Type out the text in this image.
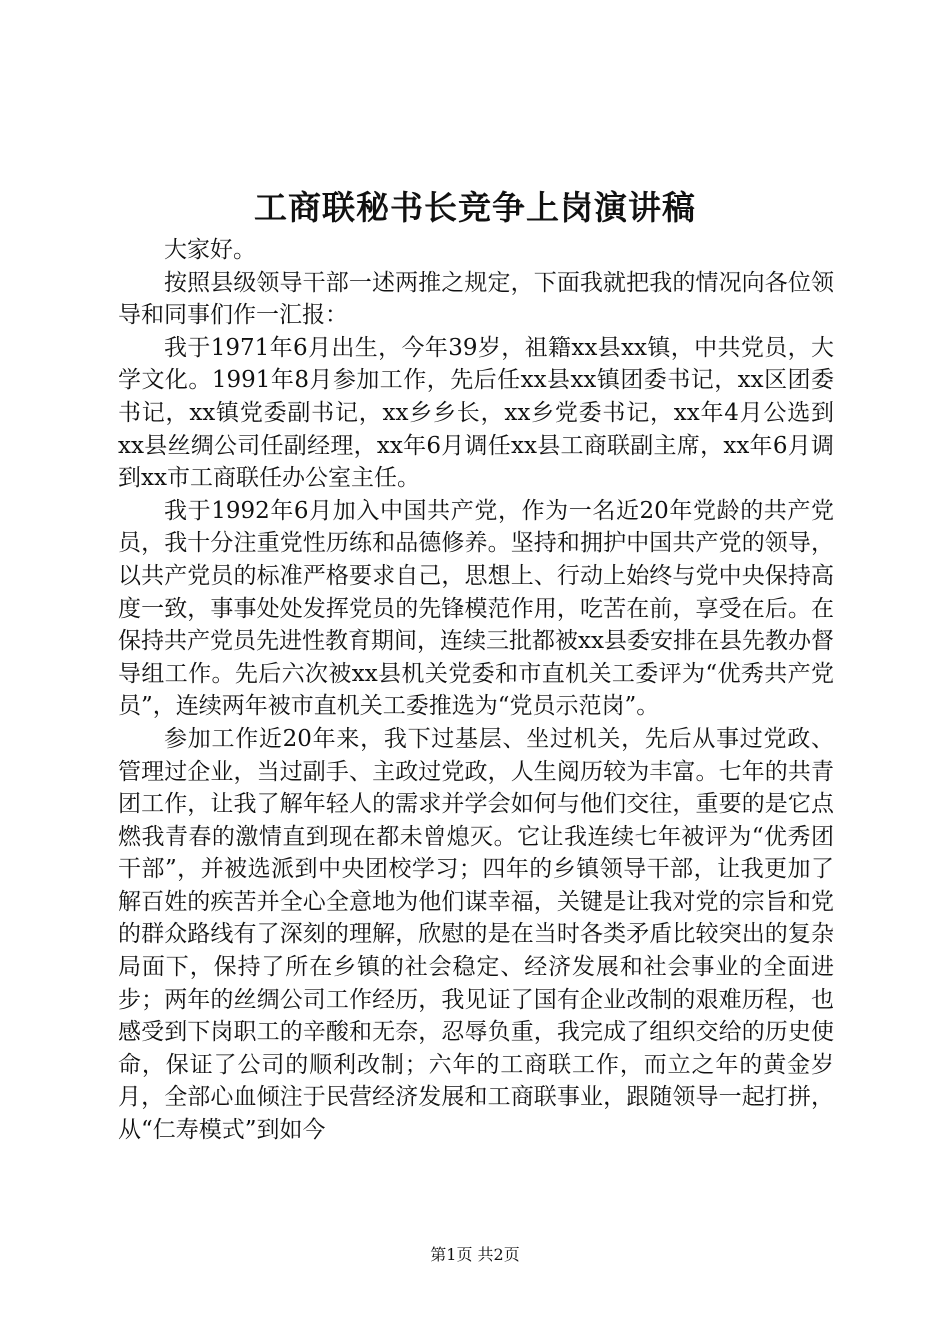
工商联秘书长竞争上岗演讲稿

大家好。

按照县级领导干部一述两推之规定，下面我就把我的情况向各位领导和同事们作一汇报：

我于1971年6月出生，今年39岁，祖籍xx县xx镇，中共党员，大学文化。1991年8月参加工作，先后任xx县xx镇团委书记，xx区团委书记，xx镇党委副书记，xx乡乡长，xx乡党委书记，xx年4月公选到xx县丝绸公司任副经理，xx年6月调任xx县工商联副主席，xx年6月调到xx市工商联任办公室主任。

我于1992年6月加入中国共产党，作为一名近20年党龄的共产党员，我十分注重党性历练和品德修养。坚持和拥护中国共产党的领导，以共产党员的标准严格要求自己，思想上、行动上始终与党中央保持高度一致，事事处处发挥党员的先锋模范作用，吃苦在前，享受在后。在保持共产党员先进性教育期间，连续三批都被xx县委安排在县先教办督导组工作。先后六次被xx县机关党委和市直机关工委评为“优秀共产党员”，连续两年被市直机关工委推选为“党员示范岗”。

参加工作近20年来，我下过基层、坐过机关，先后从事过党政、管理过企业，当过副手、主政过党政，人生阅历较为丰富。七年的共青团工作，让我了解年轻人的需求并学会如何与他们交往，重要的是它点燃我青春的激情直到现在都未曾熄灭。它让我连续七年被评为“优秀团干部”，并被选派到中央团校学习；四年的乡镇领导干部，让我更加了解百姓的疾苦并全心全意地为他们谋幸福，关键是让我对党的宗旨和党的群众路线有了深刻的理解，欣慰的是在当时各类矛盾比较突出的复杂局面下，保持了所在乡镇的社会稳定、经济发展和社会事业的全面进步；两年的丝绸公司工作经历，我见证了国有企业改制的艰难历程，也感受到下岗职工的辛酸和无奈，忍辱负重，我完成了组织交给的历史使命，保证了公司的顺利改制；六年的工商联工作，而立之年的黄金岁月，全部心血倾注于民营经济发展和工商联事业，跟随领导一起打拼，从“仁寿模式”到如今

第1页 共2页
